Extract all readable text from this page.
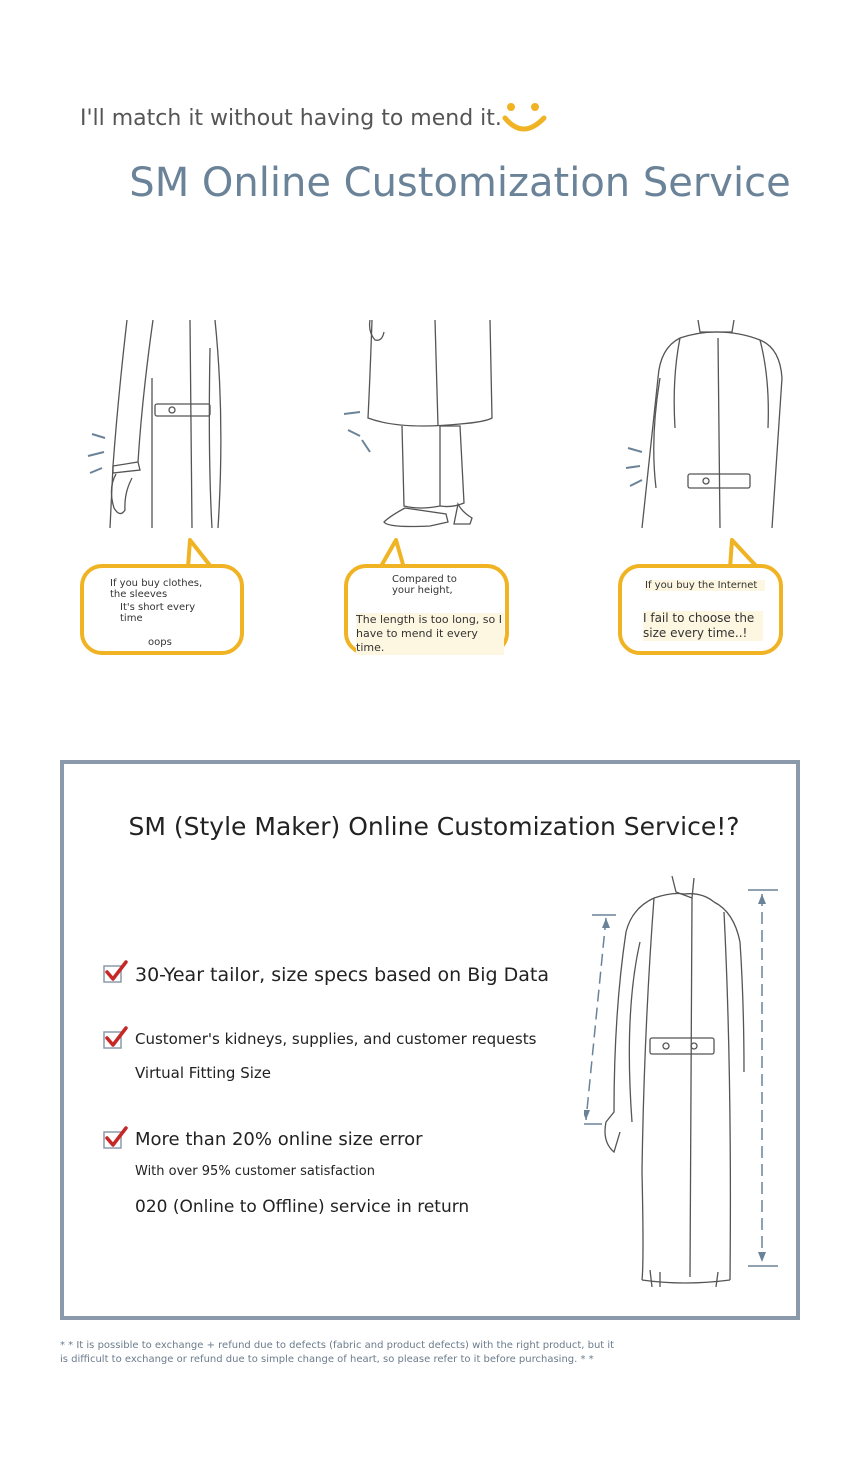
I'll match it without having to mend it.
SM Online Customization Service
If you buy clothes, the sleeves
It's short every time
oops
Compared to your height,
The length is too long, so I have to mend it every time.
If you buy the Internet
I fail to choose the size every time..!
SM (Style Maker) Online Customization Service!?
30-Year tailor, size specs based on Big Data
Customer's kidneys, supplies, and customer requests
Virtual Fitting Size
More than 20% online size error
With over 95% customer satisfaction
020 (Online to Offline) service in return
* * It is possible to exchange + refund due to defects (fabric and product defects) with the right product, but it is difficult to exchange or refund due to simple change of heart, so please refer to it before purchasing. * *
